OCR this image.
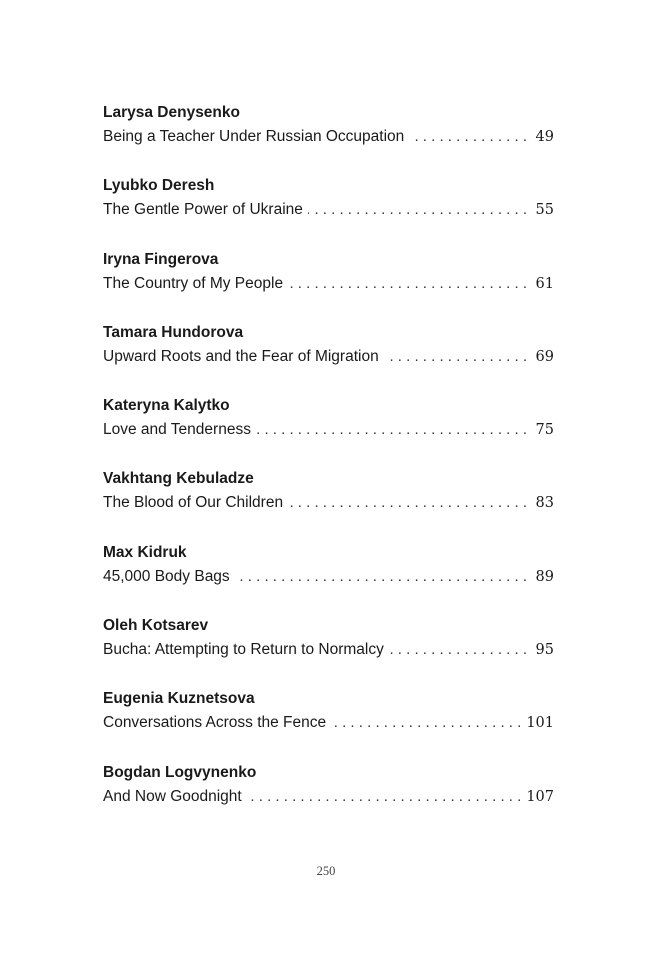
Larysa Denysenko
Being a Teacher Under Russian Occupation . . .	49
Lyubko Deresh
The Gentle Power of Ukraine . . .	55
Iryna Fingerova
The Country of My People . . .	61
Tamara Hundorova
Upward Roots and the Fear of Migration . . .	69
Kateryna Kalytko
Love and Tenderness . . .	75
Vakhtang Kebuladze
The Blood of Our Children . . .	83
Max Kidruk
45,000 Body Bags . . .	89
Oleh Kotsarev
Bucha: Attempting to Return to Normalcy . . .	95
Eugenia Kuznetsova
Conversations Across the Fence . . .	101
Bogdan Logvynenko
And Now Goodnight . . .	107
250
